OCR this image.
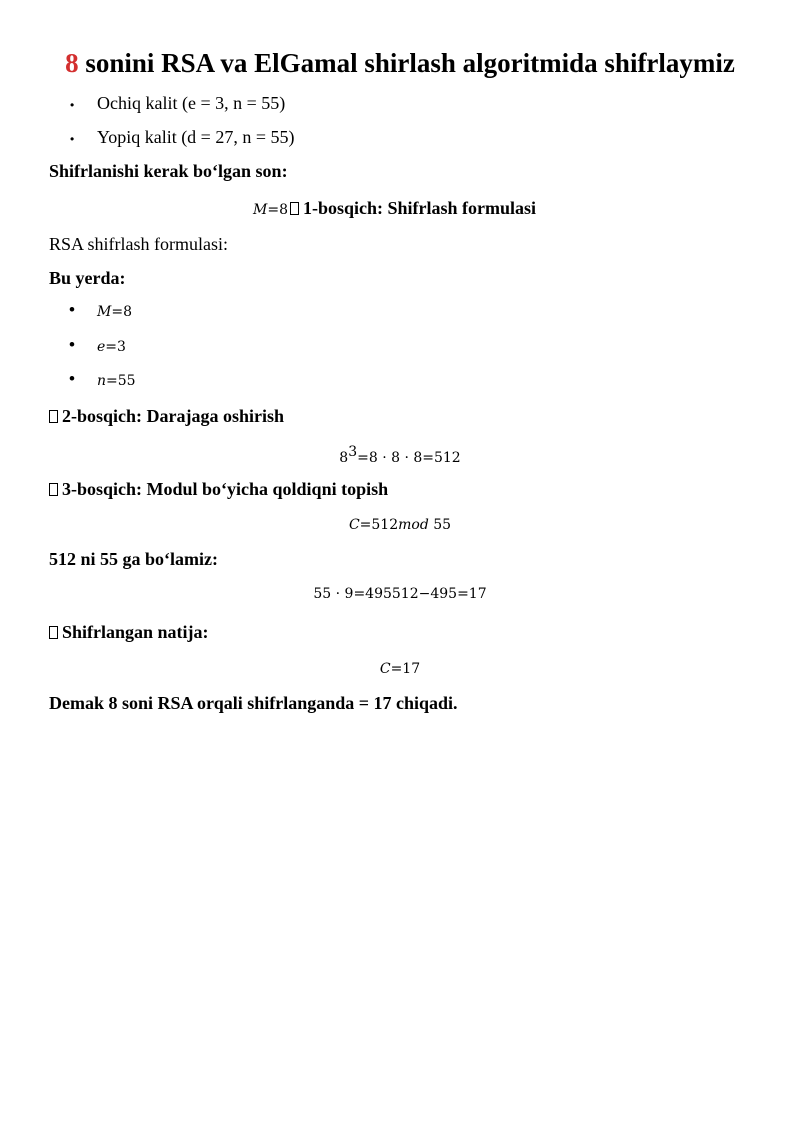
8 sonini RSA va ElGamal shirlash algoritmida shifrlaymiz
• Ochiq kalit (e = 3, n = 55)
• Yopiq kalit (d = 27, n = 55)
Shifrlanishi kerak bo‘lgan son:
M=8 1-bosqich: Shifrlash formulasi
RSA shifrlash formulasi:
Bu yerda:
• M=8
• e=3
• n=55
2-bosqich: Darajaga oshirish
$8^3=8 \cdot 8 \cdot 8=512$
3-bosqich: Modul bo‘yicha qoldiqni topish
C=512mod 55
512 ni 55 ga bo‘lamiz:
55 · 9=495512−495=17
Shifrlangan natija:
C=17
Demak 8 soni RSA orqali shifrlanganda = 17 chiqadi.
